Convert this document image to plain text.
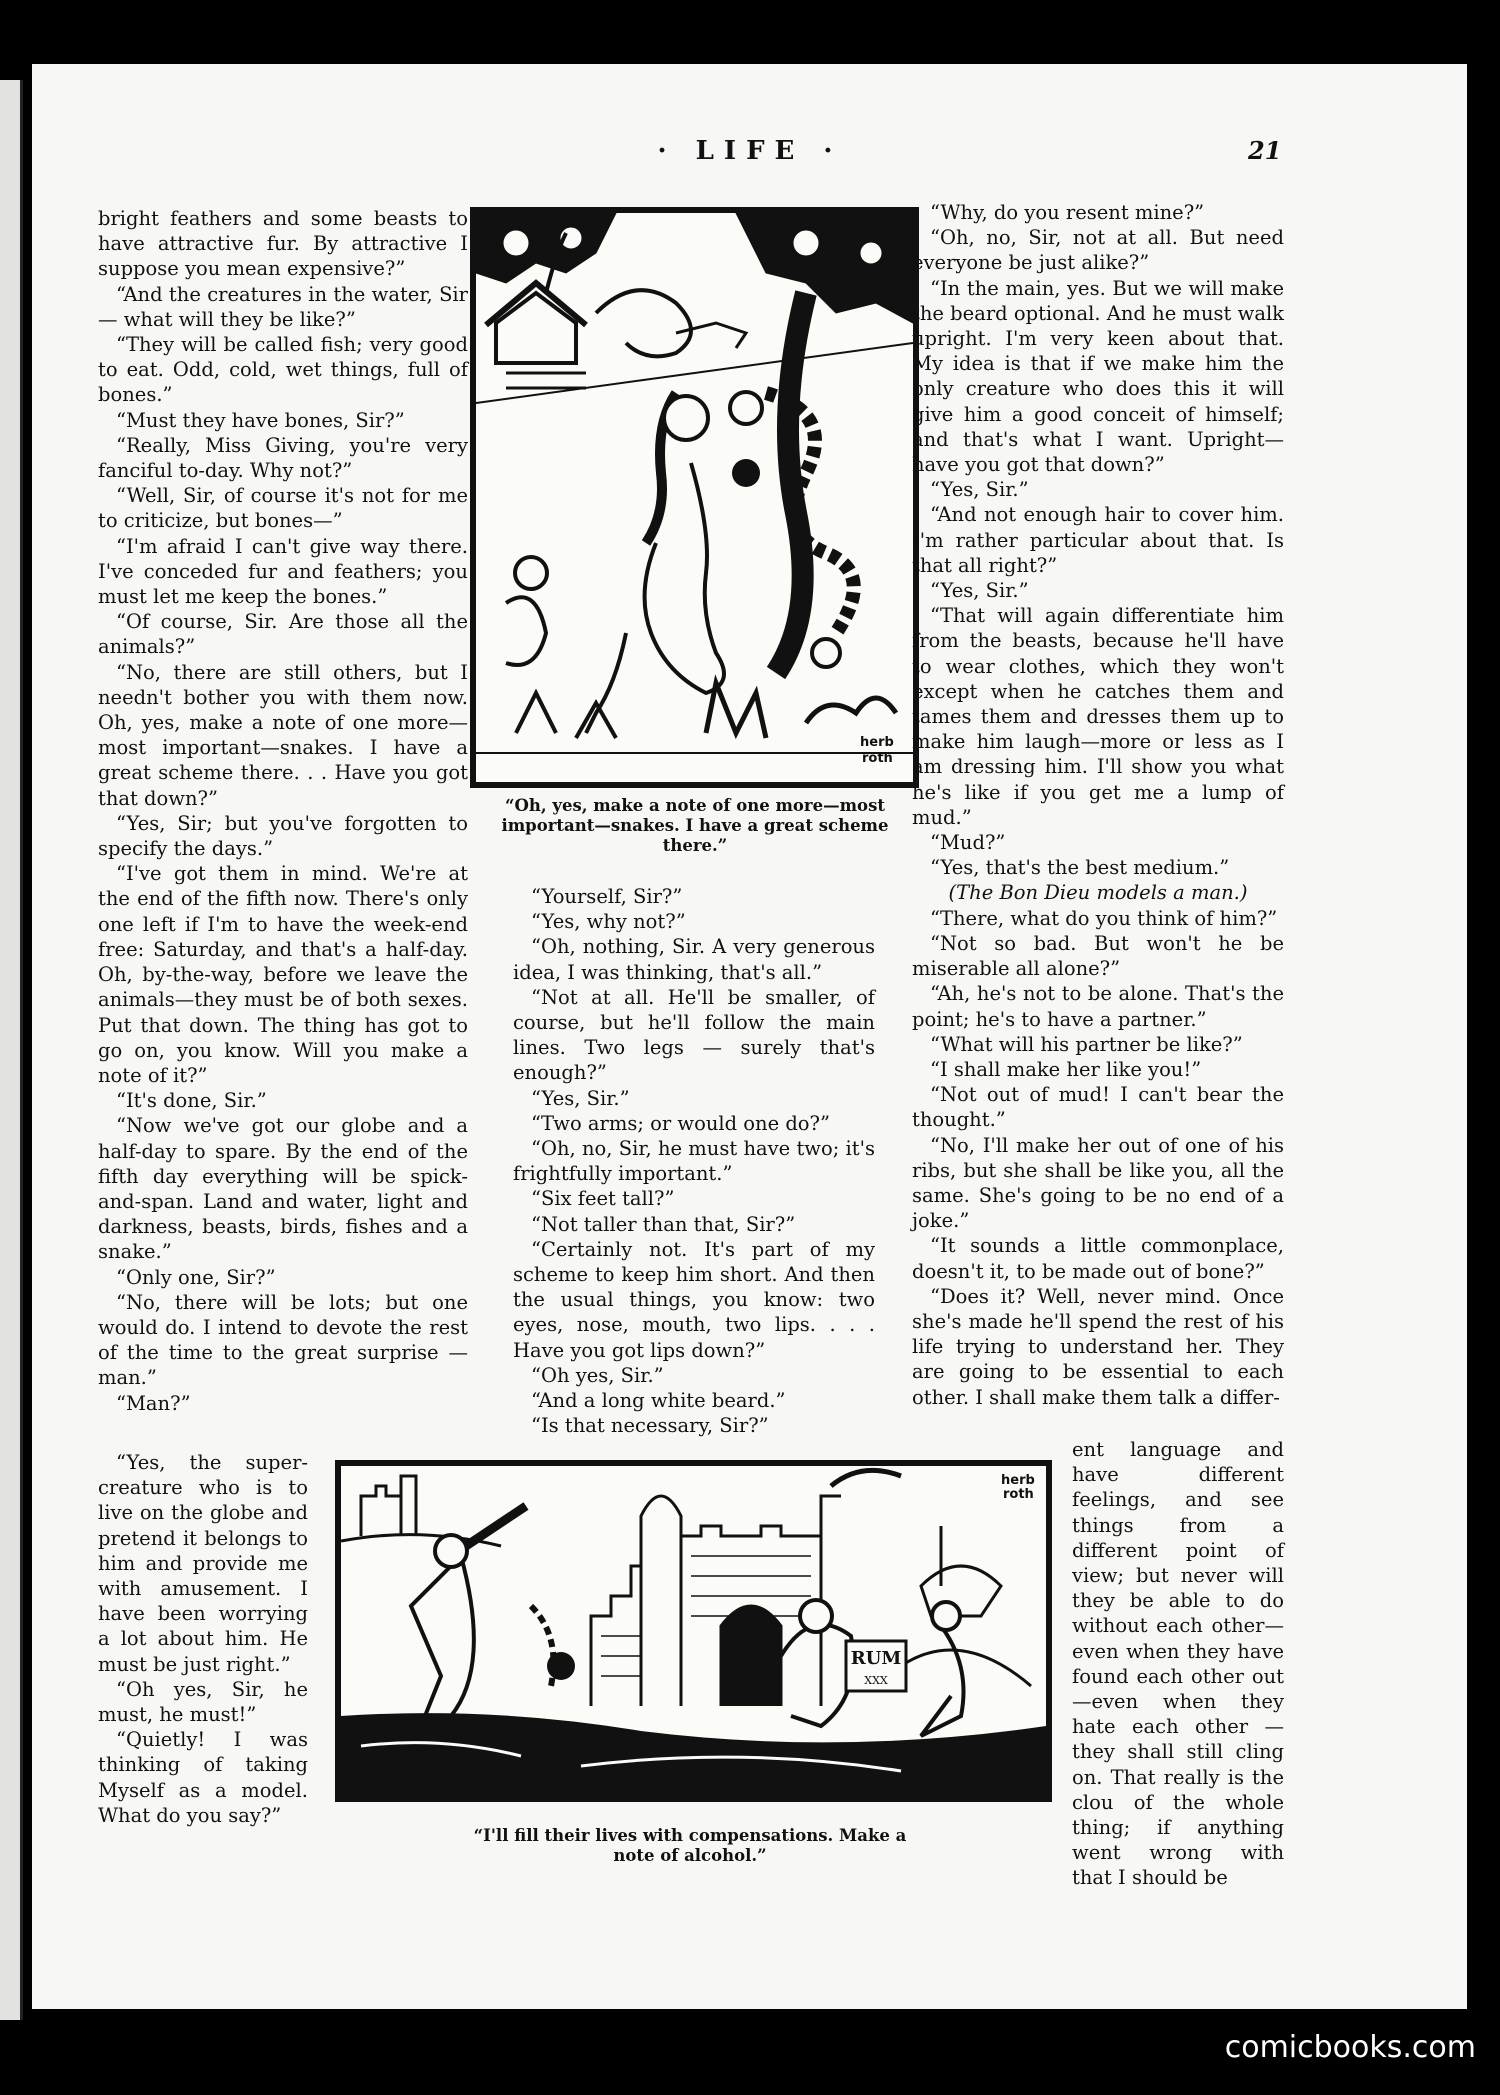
· LIFE ·	21

bright feathers and some beasts to have attractive fur. By attractive I suppose you mean expensive?”

“And the creatures in the water, Sir — what will they be like?”

“They will be called fish; very good to eat. Odd, cold, wet things, full of bones.”

“Must they have bones, Sir?”

“Really, Miss Giving, you're very fanciful to-day. Why not?”

“Well, Sir, of course it's not for me to criticize, but bones—”

“I'm afraid I can't give way there. I've conceded fur and feathers; you must let me keep the bones.”

“Of course, Sir. Are those all the animals?”

“No, there are still others, but I needn't bother you with them now. Oh, yes, make a note of one more—most important—snakes. I have a great scheme there. . . Have you got that down?”

“Yes, Sir; but you've forgotten to specify the days.”

“I've got them in mind. We're at the end of the fifth now. There's only one left if I'm to have the week-end free: Saturday, and that's a half-day. Oh, by-the-way, before we leave the animals—they must be of both sexes. Put that down. The thing has got to go on, you know. Will you make a note of it?”

“It's done, Sir.”

“Now we've got our globe and a half-day to spare. By the end of the fifth day everything will be spick-and-span. Land and water, light and darkness, beasts, birds, fishes and a snake.”

“Only one, Sir?”

“No, there will be lots; but one would do. I intend to devote the rest of the time to the great surprise —man.”

“Man?”

“Yes, the super-creature who is to live on the globe and pretend it belongs to him and provide me with amusement. I have been worrying a lot about him. He must be just right.”

“Oh yes, Sir, he must, he must!”

“Quietly! I was thinking of taking Myself as a model. What do you say?”

herb
roth
“Oh, yes, make a note of one more—most important—snakes. I have a great scheme there.”

“Yourself, Sir?”

“Yes, why not?”

“Oh, nothing, Sir. A very generous idea, I was thinking, that's all.”

“Not at all. He'll be smaller, of course, but he'll follow the main lines. Two legs — surely that's enough?”

“Yes, Sir.”

“Two arms; or would one do?”

“Oh, no, Sir, he must have two; it's frightfully important.”

“Six feet tall?”

“Not taller than that, Sir?”

“Certainly not. It's part of my scheme to keep him short. And then the usual things, you know: two eyes, nose, mouth, two lips. . . . Have you got lips down?”

“Oh yes, Sir.”

“And a long white beard.”

“Is that necessary, Sir?”

“Why, do you resent mine?”

“Oh, no, Sir, not at all. But need everyone be just alike?”

“In the main, yes. But we will make the beard optional. And he must walk upright. I'm very keen about that. My idea is that if we make him the only creature who does this it will give him a good conceit of himself; and that's what I want. Upright—have you got that down?”

“Yes, Sir.”

“And not enough hair to cover him. I'm rather particular about that. Is that all right?”

“Yes, Sir.”

“That will again differentiate him from the beasts, because he'll have to wear clothes, which they won't except when he catches them and tames them and dresses them up to make him laugh—more or less as I am dressing him. I'll show you what he's like if you get me a lump of mud.”

“Mud?”

“Yes, that's the best medium.”

(The Bon Dieu models a man.)

“There, what do you think of him?”

“Not so bad. But won't he be miserable all alone?”

“Ah, he's not to be alone. That's the point; he's to have a partner.”

“What will his partner be like?”

“I shall make her like you!”

“Not out of mud! I can't bear the thought.”

“No, I'll make her out of one of his ribs, but she shall be like you, all the same. She's going to be no end of a joke.”

“It sounds a little commonplace, doesn't it, to be made out of bone?”

“Does it? Well, never mind. Once she's made he'll spend the rest of his life trying to understand her. They are going to be essential to each other. I shall make them talk a differ-

ent language and have different feelings, and see things from a different point of view; but never will they be able to do without each other—even when they have found each other out—even when they hate each other — they shall still cling on. That really is the clou of the whole thing; if anything went wrong with that I should be

RUM
XXX
herb
roth
“I'll fill their lives with compensations. Make a note of alcohol.”
comicbooks.com
